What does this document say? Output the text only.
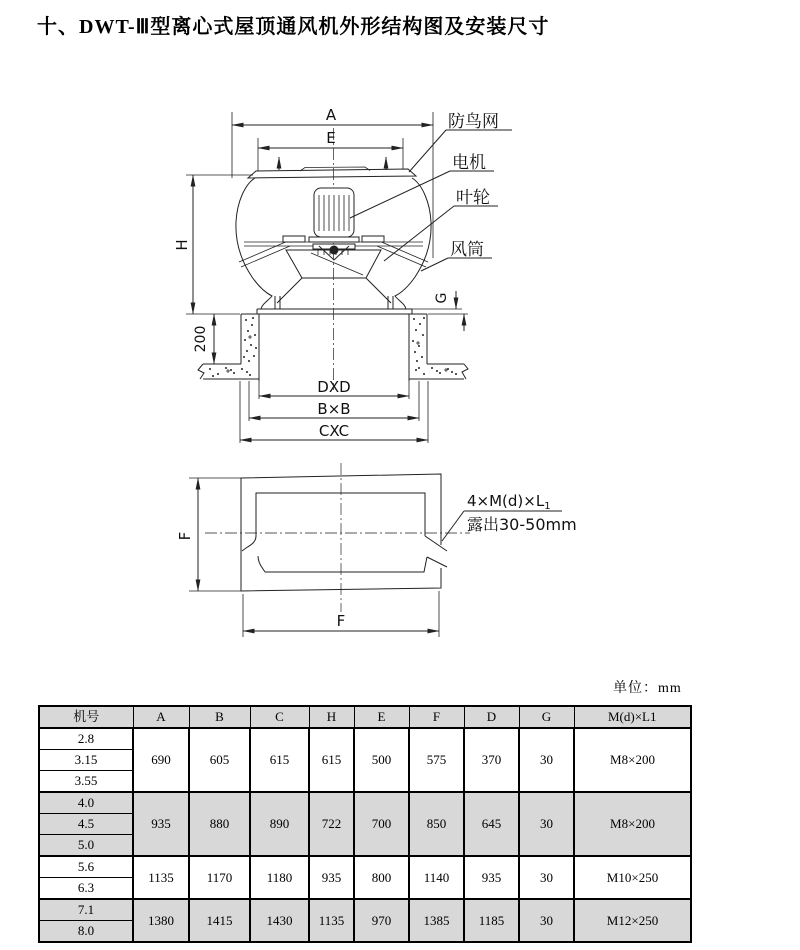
十、DWT-Ⅲ型离心式屋顶通风机外形结构图及安装尺寸
A
E
H
200
G
DXD
B×B
CXC
防鸟网
电机
叶轮
风筒
F
F
$4\times M(d)\times L_1$
露出30-50mm
单位：mm
机号	A	B	C	H	E	F	D	G	M(d)×L1
2.8	690	605	615	615	500	575	370	30	M8×200
3.15									
3.55									
4.0	935	880	890	722	700	850	645	30	M8×200
4.5									
5.0									
5.6	1135	1170	1180	935	800	1140	935	30	M10×250
6.3									
7.1	1380	1415	1430	1135	970	1385	1185	30	M12×250
8.0									
